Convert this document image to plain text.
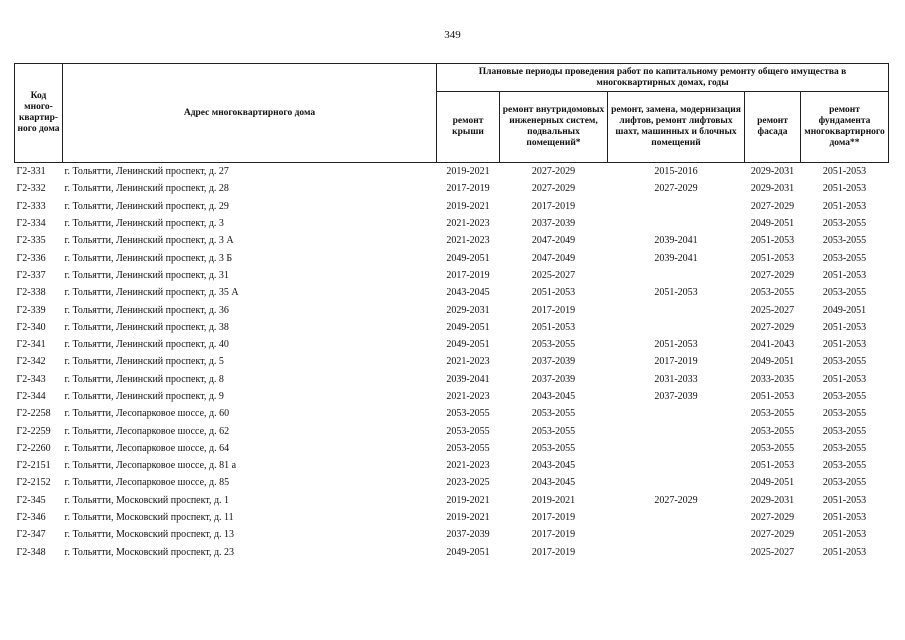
349
Код много-квартир-ного дома	Адрес многоквартирного дома	Плановые периоды проведения работ по капитальному ремонту общего имущества в многоквартирных домах, годы				
		ремонт крыши	ремонт внутридомовых инженерных систем, подвальных помещений*	ремонт, замена, модернизация лифтов, ремонт лифтовых шахт, машинных и блочных помещений	ремонт фасада	ремонт фундамента многоквартирного дома**
Г2-331	г. Тольятти, Ленинский проспект, д. 27	2019-2021	2027-2029	2015-2016	2029-2031	2051-2053
Г2-332	г. Тольятти, Ленинский проспект, д. 28	2017-2019	2027-2029	2027-2029	2029-2031	2051-2053
Г2-333	г. Тольятти, Ленинский проспект, д. 29	2019-2021	2017-2019		2027-2029	2051-2053
Г2-334	г. Тольятти, Ленинский проспект, д. 3	2021-2023	2037-2039		2049-2051	2053-2055
Г2-335	г. Тольятти, Ленинский проспект, д. 3 А	2021-2023	2047-2049	2039-2041	2051-2053	2053-2055
Г2-336	г. Тольятти, Ленинский проспект, д. 3 Б	2049-2051	2047-2049	2039-2041	2051-2053	2053-2055
Г2-337	г. Тольятти, Ленинский проспект, д. 31	2017-2019	2025-2027		2027-2029	2051-2053
Г2-338	г. Тольятти, Ленинский проспект, д. 35 А	2043-2045	2051-2053	2051-2053	2053-2055	2053-2055
Г2-339	г. Тольятти, Ленинский проспект, д. 36	2029-2031	2017-2019		2025-2027	2049-2051
Г2-340	г. Тольятти, Ленинский проспект, д. 38	2049-2051	2051-2053		2027-2029	2051-2053
Г2-341	г. Тольятти, Ленинский проспект, д. 40	2049-2051	2053-2055	2051-2053	2041-2043	2051-2053
Г2-342	г. Тольятти, Ленинский проспект, д. 5	2021-2023	2037-2039	2017-2019	2049-2051	2053-2055
Г2-343	г. Тольятти, Ленинский проспект, д. 8	2039-2041	2037-2039	2031-2033	2033-2035	2051-2053
Г2-344	г. Тольятти, Ленинский проспект, д. 9	2021-2023	2043-2045	2037-2039	2051-2053	2053-2055
Г2-2258	г. Тольятти, Лесопарковое шоссе, д. 60	2053-2055	2053-2055		2053-2055	2053-2055
Г2-2259	г. Тольятти, Лесопарковое шоссе, д. 62	2053-2055	2053-2055		2053-2055	2053-2055
Г2-2260	г. Тольятти, Лесопарковое шоссе, д. 64	2053-2055	2053-2055		2053-2055	2053-2055
Г2-2151	г. Тольятти, Лесопарковое шоссе, д. 81 а	2021-2023	2043-2045		2051-2053	2053-2055
Г2-2152	г. Тольятти, Лесопарковое шоссе, д. 85	2023-2025	2043-2045		2049-2051	2053-2055
Г2-345	г. Тольятти, Московский проспект, д. 1	2019-2021	2019-2021	2027-2029	2029-2031	2051-2053
Г2-346	г. Тольятти, Московский проспект, д. 11	2019-2021	2017-2019		2027-2029	2051-2053
Г2-347	г. Тольятти, Московский проспект, д. 13	2037-2039	2017-2019		2027-2029	2051-2053
Г2-348	г. Тольятти, Московский проспект, д. 23	2049-2051	2017-2019		2025-2027	2051-2053
